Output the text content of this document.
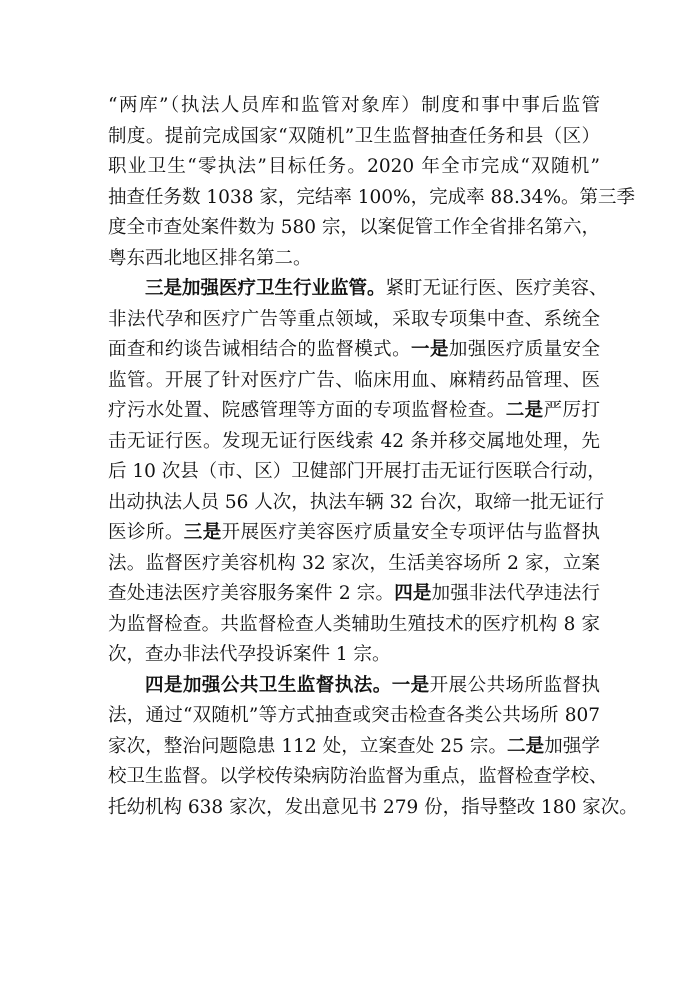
“两库”（执法人员库和监管对象库）制度和事中事后监管
制度。提前完成国家“双随机”卫生监督抽查任务和县（区）
职业卫生“零执法”目标任务。2020 年全市完成“双随机”
抽查任务数 1038 家，完结率 100%，完成率 88.34%。第三季
度全市查处案件数为 580 宗，以案促管工作全省排名第六，
粤东西北地区排名第二。
三是加强医疗卫生行业监管。紧盯无证行医、医疗美容、
非法代孕和医疗广告等重点领域，采取专项集中查、系统全
面查和约谈告诫相结合的监督模式。一是加强医疗质量安全
监管。开展了针对医疗广告、临床用血、麻精药品管理、医
疗污水处置、院感管理等方面的专项监督检查。二是严厉打
击无证行医。发现无证行医线索 42 条并移交属地处理，先
后 10 次县（市、区）卫健部门开展打击无证行医联合行动，
出动执法人员 56 人次，执法车辆 32 台次，取缔一批无证行
医诊所。三是开展医疗美容医疗质量安全专项评估与监督执
法。监督医疗美容机构 32 家次，生活美容场所 2 家，立案
查处违法医疗美容服务案件 2 宗。四是加强非法代孕违法行
为监督检查。共监督检查人类辅助生殖技术的医疗机构 8 家
次，查办非法代孕投诉案件 1 宗。
四是加强公共卫生监督执法。一是开展公共场所监督执
法，通过“双随机”等方式抽查或突击检查各类公共场所 807
家次，整治问题隐患 112 处，立案查处 25 宗。二是加强学
校卫生监督。以学校传染病防治监督为重点，监督检查学校、
托幼机构 638 家次，发出意见书 279 份，指导整改 180 家次。
